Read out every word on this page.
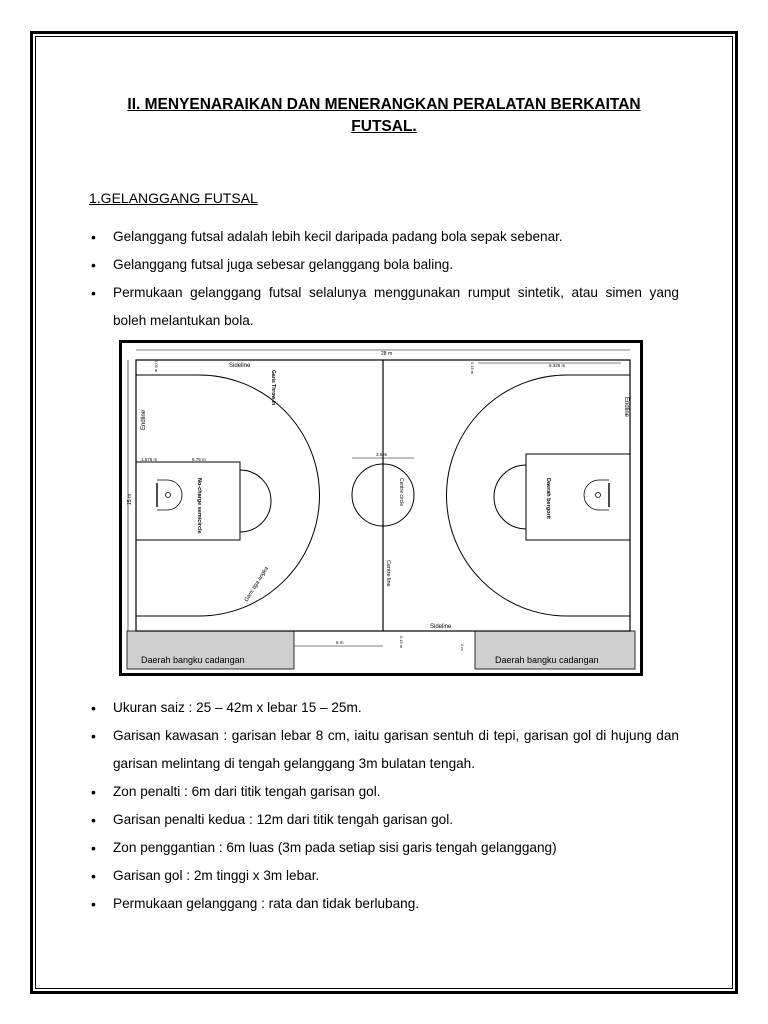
II. MENYENARAIKAN DAN MENERANGKAN PERALATAN BERKAITAN
FUTSAL.
1.GELANGGANG FUTSAL
• Gelanggang futsal adalah lebih kecil daripada padang bola sepak sebenar.
• Gelanggang futsal juga sebesar gelanggang bola baling.
• Permukaan gelanggang futsal selalunya menggunakan rumput sintetik, atau simen yang boleh melantukan bola.
Daerah bangku cadangan	Daerah bangku cadangan
28 m
15 m
Sideline
Sideline
Endline
Endline
Garis Throw-in
0.05 m	0.15 m	6.325 m
Centre line
3.6 m
Centre circle
1.575 m	6.75 m
No-charge semicircle
Garis tiga angka
Daerah bergorit
5 m	0.15 m	2 m
• Ukuran saiz : 25 – 42m x lebar 15 – 25m.
• Garisan kawasan : garisan lebar 8 cm, iaitu garisan sentuh di tepi, garisan gol di hujung dan garisan melintang di tengah gelanggang 3m bulatan tengah.
• Zon penalti : 6m dari titik tengah garisan gol.
• Garisan penalti kedua : 12m dari titik tengah garisan gol.
• Zon penggantian : 6m luas (3m pada setiap sisi garis tengah gelanggang)
• Garisan gol : 2m tinggi x 3m lebar.
• Permukaan gelanggang : rata dan tidak berlubang.
